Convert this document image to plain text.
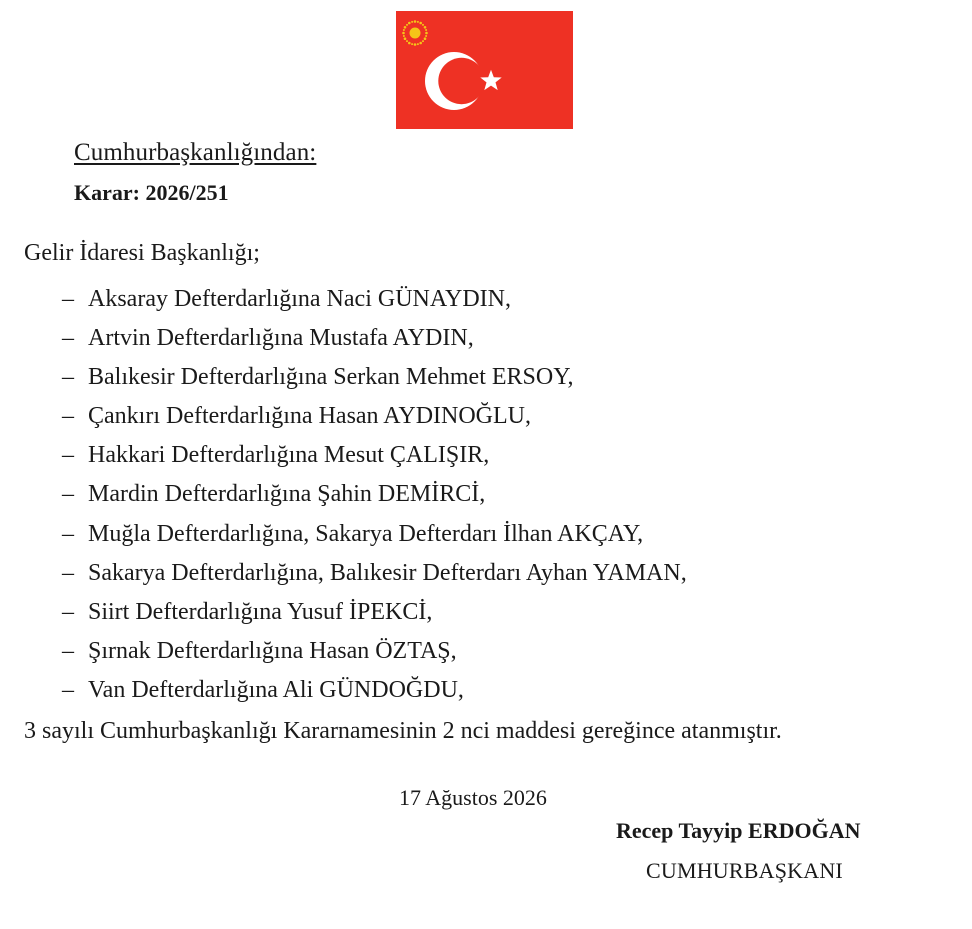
Cumhurbaşkanlığından:
Karar: 2026/251
Gelir İdaresi Başkanlığı;
– Aksaray Defterdarlığına Naci GÜNAYDIN,
– Artvin Defterdarlığına Mustafa AYDIN,
– Balıkesir Defterdarlığına Serkan Mehmet ERSOY,
– Çankırı Defterdarlığına Hasan AYDINOĞLU,
– Hakkari Defterdarlığına Mesut ÇALIŞIR,
– Mardin Defterdarlığına Şahin DEMİRCİ,
– Muğla Defterdarlığına, Sakarya Defterdarı İlhan AKÇAY,
– Sakarya Defterdarlığına, Balıkesir Defterdarı Ayhan YAMAN,
– Siirt Defterdarlığına Yusuf İPEKCİ,
– Şırnak Defterdarlığına Hasan ÖZTAŞ,
– Van Defterdarlığına Ali GÜNDOĞDU,
3 sayılı Cumhurbaşkanlığı Kararnamesinin 2 nci maddesi gereğince atanmıştır.
17 Ağustos 2026
Recep Tayyip ERDOĞAN
CUMHURBAŞKANI
